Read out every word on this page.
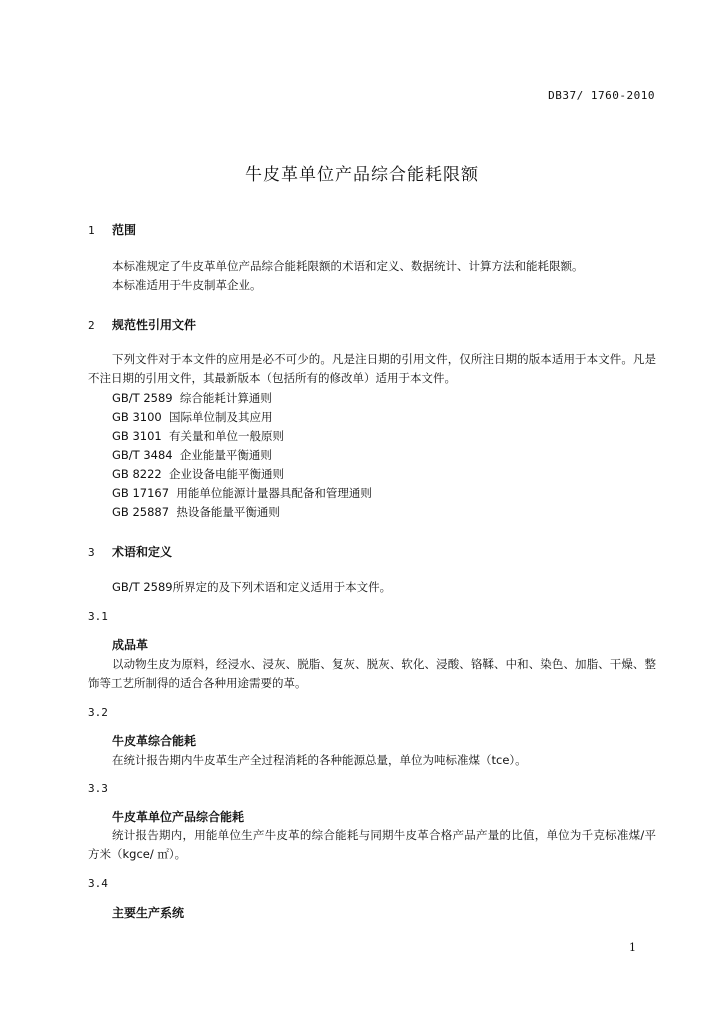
DB37/ 1760-2010
牛皮革单位产品综合能耗限额
1 范围
本标准规定了牛皮革单位产品综合能耗限额的术语和定义、数据统计、计算方法和能耗限额。
本标准适用于牛皮制革企业。
2 规范性引用文件
下列文件对于本文件的应用是必不可少的。凡是注日期的引用文件，仅所注日期的版本适用于本文件。凡是不注日期的引用文件，其最新版本（包括所有的修改单）适用于本文件。
GB/T 2589  综合能耗计算通则
GB 3100  国际单位制及其应用
GB 3101  有关量和单位一般原则
GB/T 3484  企业能量平衡通则
GB 8222  企业设备电能平衡通则
GB 17167  用能单位能源计量器具配备和管理通则
GB 25887  热设备能量平衡通则
3 术语和定义
GB/T 2589所界定的及下列术语和定义适用于本文件。
3.1
成品革
以动物生皮为原料，经浸水、浸灰、脱脂、复灰、脱灰、软化、浸酸、铬鞣、中和、染色、加脂、干燥、整饰等工艺所制得的适合各种用途需要的革。
3.2
牛皮革综合能耗
在统计报告期内牛皮革生产全过程消耗的各种能源总量，单位为吨标准煤（tce）。
3.3
牛皮革单位产品综合能耗
统计报告期内，用能单位生产牛皮革的综合能耗与同期牛皮革合格产品产量的比值，单位为千克标准煤/平方米（kgce/ ㎡）。
3.4
主要生产系统
1
